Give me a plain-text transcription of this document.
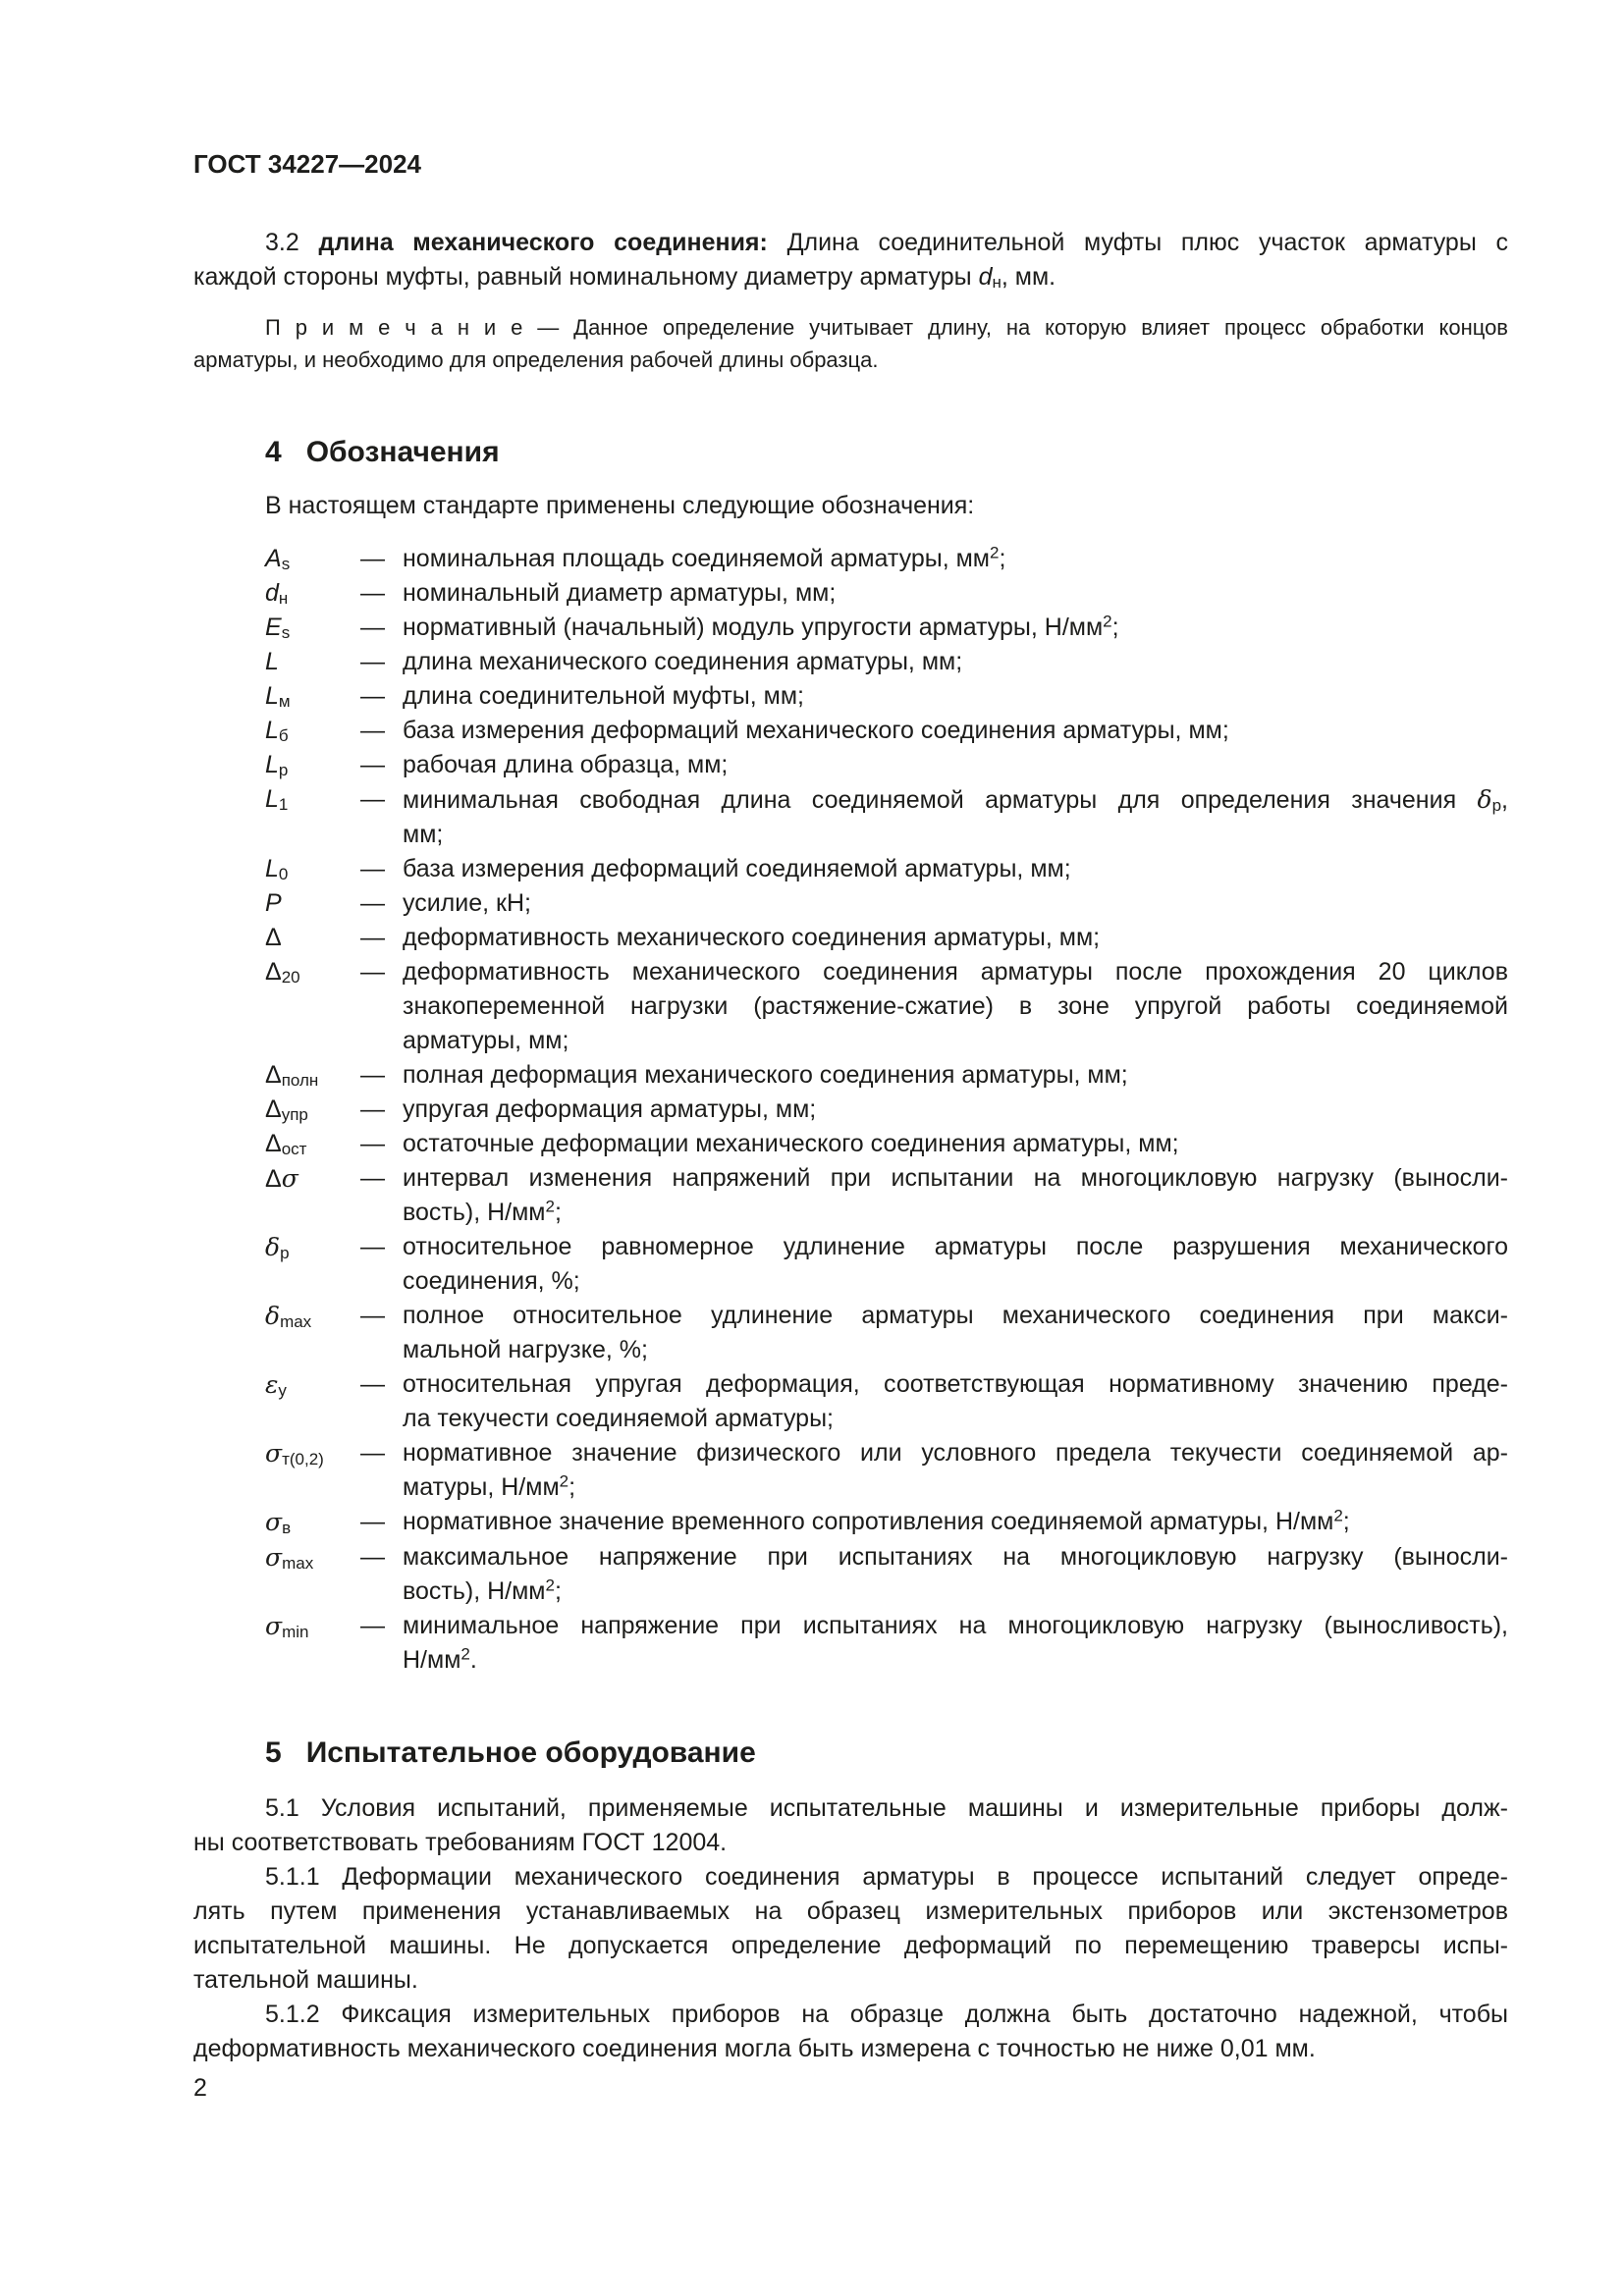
ГОСТ 34227—2024
3.2 длина механического соединения: Длина соединительной муфты плюс участок арматуры с
каждой стороны муфты, равный номинальному диаметру арматуры $d_н$, мм.
П р и м е ч а н и е — Данное определение учитывает длину, на которую влияет процесс обработки концов
арматуры, и необходимо для определения рабочей длины образца.
4   Обозначения
В настоящем стандарте применены следующие обозначения:
$A_s$	— номинальная площадь соединяемой арматуры, $мм^2$;
$d_н$	— номинальный диаметр арматуры, мм;
$E_s$	— нормативный (начальный) модуль упругости арматуры, $Н/мм^2$;
L	— длина механического соединения арматуры, мм;
$L_м$	— длина соединительной муфты, мм;
$L_б$	— база измерения деформаций механического соединения арматуры, мм;
$L_р$	— рабочая длина образца, мм;
$L_1$	— минимальная свободная длина соединяемой арматуры для определения значения $\delta_р$,
мм;
$L_0$	— база измерения деформаций соединяемой арматуры, мм;
P	— усилие, кН;
Δ	— деформативность механического соединения арматуры, мм;
$\Delta_{20}$	— деформативность механического соединения арматуры после прохождения 20 циклов
знакопеременной нагрузки (растяжение-сжатие) в зоне упругой работы соединяемой
арматуры, мм;
$\Delta_{полн}$	— полная деформация механического соединения арматуры, мм;
$\Delta_{упр}$	— упругая деформация арматуры, мм;
$\Delta_{ост}$	— остаточные деформации механического соединения арматуры, мм;
Δσ	— интервал изменения напряжений при испытании на многоцикловую нагрузку (выносли-
вость), $Н/мм^2$;
$\delta_р$	— относительное равномерное удлинение арматуры после разрушения механического
соединения, %;
$\delta_{max}$	— полное относительное удлинение арматуры механического соединения при макси-
мальной нагрузке, %;
$\varepsilon_у$	— относительная упругая деформация, соответствующая нормативному значению преде-
ла текучести соединяемой арматуры;
$\sigma_{т(0,2)}$	— нормативное значение физического или условного предела текучести соединяемой ар-
матуры, $Н/мм^2$;
$\sigma_в$	— нормативное значение временного сопротивления соединяемой арматуры, $Н/мм^2$;
$\sigma_{max}$	— максимальное напряжение при испытаниях на многоцикловую нагрузку (выносли-
вость), $Н/мм^2$;
$\sigma_{min}$	— минимальное напряжение при испытаниях на многоцикловую нагрузку (выносливость),
$Н/мм^2$.
5   Испытательное оборудование
5.1 Условия испытаний, применяемые испытательные машины и измерительные приборы долж-
ны соответствовать требованиям ГОСТ 12004.
5.1.1 Деформации механического соединения арматуры в процессе испытаний следует опреде-
лять путем применения устанавливаемых на образец измерительных приборов или экстензометров
испытательной машины. Не допускается определение деформаций по перемещению траверсы испы-
тательной машины.
5.1.2 Фиксация измерительных приборов на образце должна быть достаточно надежной, чтобы
деформативность механического соединения могла быть измерена с точностью не ниже 0,01 мм.
2
